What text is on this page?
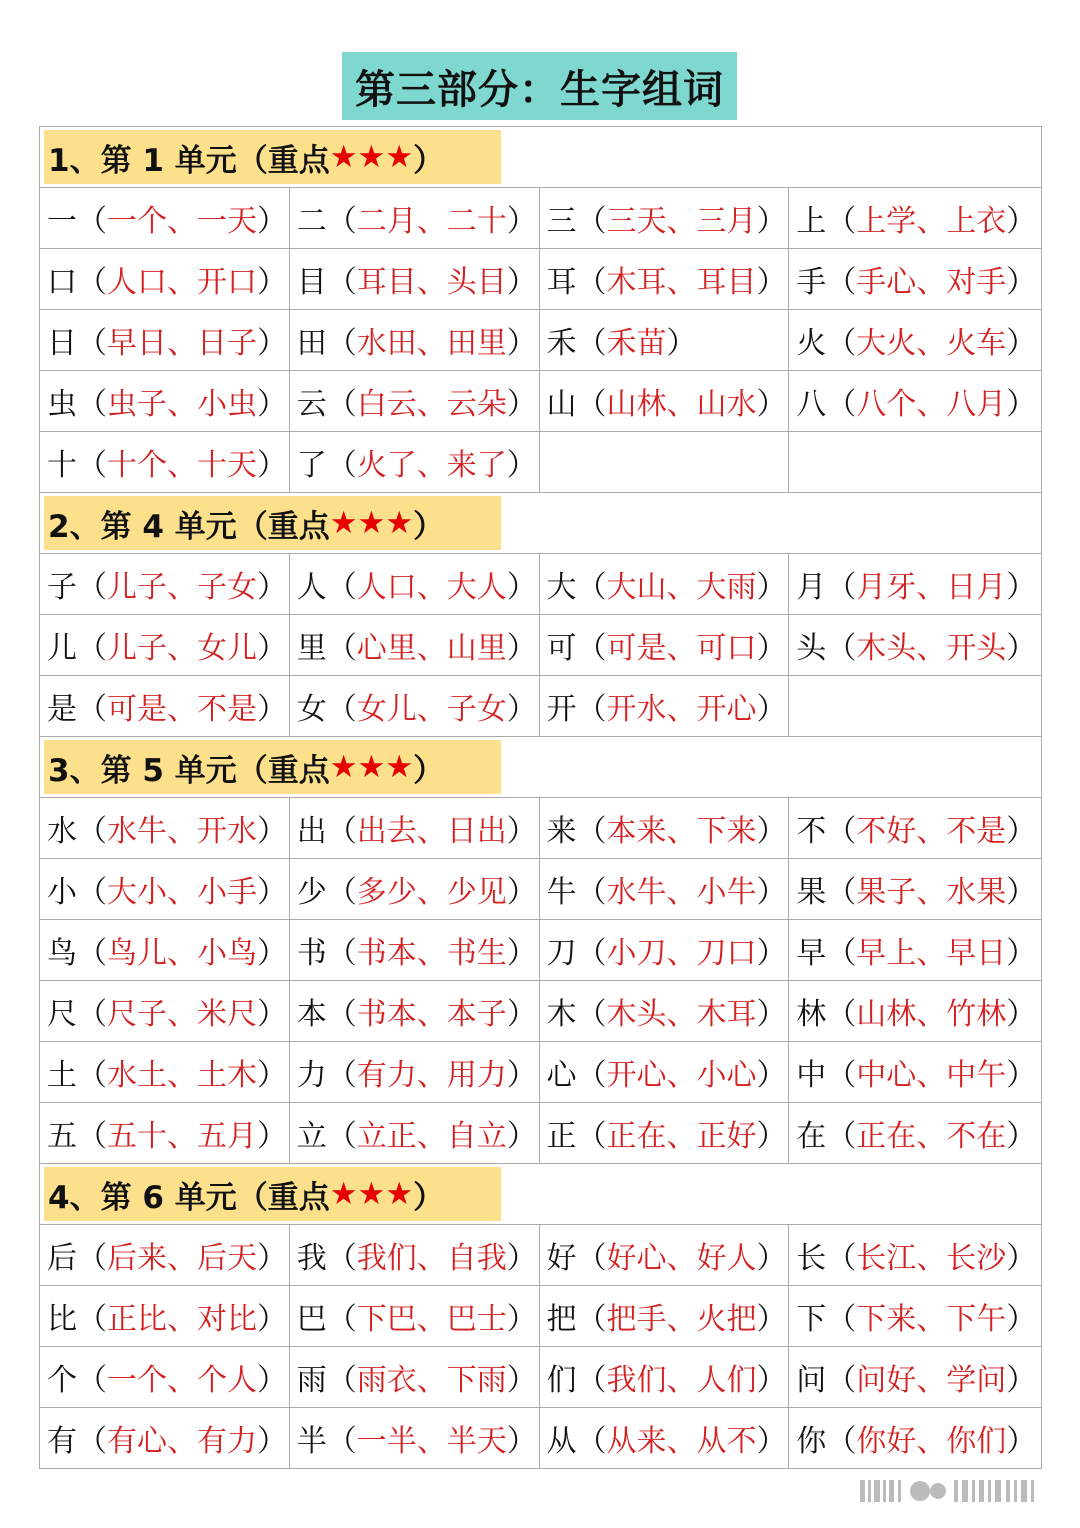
第三部分：生字组词
1、第 1 单元（重点 ★★★ ）
一 （ 一个、一天 ） 二 （ 二月、二十 ） 三 （ 三天、三月 ） 上 （ 上学、上衣 ）
口 （ 人口、开口 ） 目 （ 耳目、头目 ） 耳 （ 木耳、耳目 ） 手 （ 手心、对手 ）
日 （ 早日、日子 ） 田 （ 水田、田里 ） 禾 （ 禾苗 ）	火 （ 大火、火车 ）
虫 （ 虫子、小虫 ） 云 （ 白云、云朵 ） 山 （ 山林、山水 ） 八 （ 八个、八月 ）
十 （ 十个、十天 ） 了 （ 火了、来了 ）
2、第 4 单元（重点 ★★★ ）
子 （ 儿子、子女 ） 人 （ 人口、大人 ） 大 （ 大山、大雨 ） 月 （ 月牙、日月 ）
儿 （ 儿子、女儿 ） 里 （ 心里、山里 ） 可 （ 可是、可口 ） 头 （ 木头、开头 ）
是 （ 可是、不是 ） 女 （ 女儿、子女 ） 开 （ 开水、开心 ）
3、第 5 单元（重点 ★★★ ）
水 （ 水牛、开水 ） 出 （ 出去、日出 ） 来 （ 本来、下来 ） 不 （ 不好、不是 ）
小 （ 大小、小手 ） 少 （ 多少、少见 ） 牛 （ 水牛、小牛 ） 果 （ 果子、水果 ）
鸟 （ 鸟儿、小鸟 ） 书 （ 书本、书生 ） 刀 （ 小刀、刀口 ） 早 （ 早上、早日 ）
尺 （ 尺子、米尺 ） 本 （ 书本、本子 ） 木 （ 木头、木耳 ） 林 （ 山林、竹林 ）
土 （ 水土、土木 ） 力 （ 有力、用力 ） 心 （ 开心、小心 ） 中 （ 中心、中午 ）
五 （ 五十、五月 ） 立 （ 立正、自立 ） 正 （ 正在、正好 ） 在 （ 正在、不在 ）
4、第 6 单元（重点 ★★★ ）
后 （ 后来、后天 ） 我 （ 我们、自我 ） 好 （ 好心、好人 ） 长 （ 长江、长沙 ）
比 （ 正比、对比 ） 巴 （ 下巴、巴士 ） 把 （ 把手、火把 ） 下 （ 下来、下午 ）
个 （ 一个、个人 ） 雨 （ 雨衣、下雨 ） 们 （ 我们、人们 ） 问 （ 问好、学问 ）
有 （ 有心、有力 ） 半 （ 一半、半天 ） 从 （ 从来、从不 ） 你 （ 你好、你们 ）
